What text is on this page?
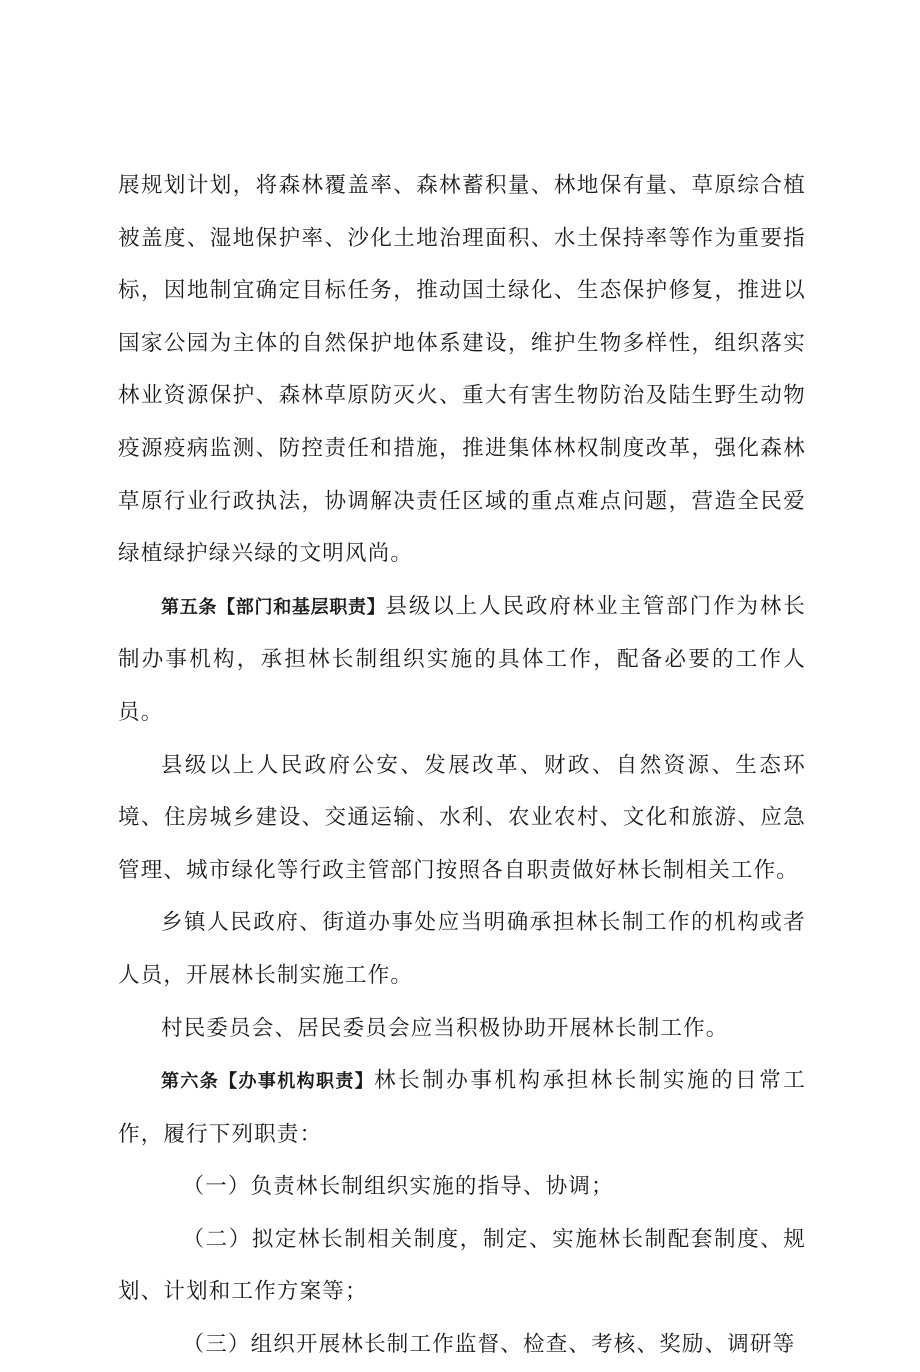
展规划计划，将森林覆盖率、森林蓄积量、林地保有量、草原综合植被盖度、湿地保护率、沙化土地治理面积、水土保持率等作为重要指标，因地制宜确定目标任务，推动国土绿化、生态保护修复，推进以国家公园为主体的自然保护地体系建设，维护生物多样性，组织落实林业资源保护、森林草原防灭火、重大有害生物防治及陆生野生动物疫源疫病监测、防控责任和措施，推进集体林权制度改革，强化森林草原行业行政执法，协调解决责任区域的重点难点问题，营造全民爱绿植绿护绿兴绿的文明风尚。

第五条【部门和基层职责】县级以上人民政府林业主管部门作为林长制办事机构，承担林长制组织实施的具体工作，配备必要的工作人员。

县级以上人民政府公安、发展改革、财政、自然资源、生态环境、住房城乡建设、交通运输、水利、农业农村、文化和旅游、应急管理、城市绿化等行政主管部门按照各自职责做好林长制相关工作。

乡镇人民政府、街道办事处应当明确承担林长制工作的机构或者人员，开展林长制实施工作。

村民委员会、居民委员会应当积极协助开展林长制工作。

第六条【办事机构职责】林长制办事机构承担林长制实施的日常工作，履行下列职责：

（一）负责林长制组织实施的指导、协调；

（二）拟定林长制相关制度，制定、实施林长制配套制度、规划、计划和工作方案等；

（三）组织开展林长制工作监督、检查、考核、奖励、调研等
